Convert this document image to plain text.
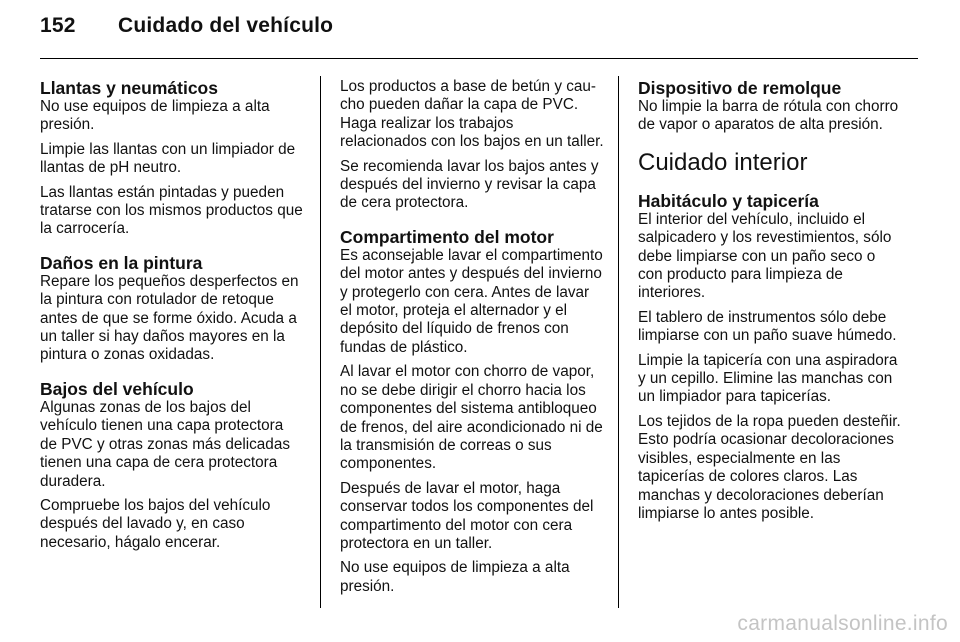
152 Cuidado del vehículo
Llantas y neumáticos

No use equipos de limpieza a alta presión.

Limpie las llantas con un limpiador de llantas de pH neutro.

Las llantas están pintadas y pueden tratarse con los mismos productos que la carrocería.

Daños en la pintura

Repare los pequeños desperfectos en la pintura con rotulador de retoque antes de que se forme óxido. Acuda a un taller si hay daños mayores en la pintura o zonas oxidadas.

Bajos del vehículo

Algunas zonas de los bajos del vehículo tienen una capa protectora de PVC y otras zonas más delicadas tienen una capa de cera protectora duradera.

Compruebe los bajos del vehículo después del lavado y, en caso necesario, hágalo encerar.

Los productos a base de betún y cau- cho pueden dañar la capa de PVC. Haga realizar los trabajos relacionados con los bajos en un taller.

Se recomienda lavar los bajos antes y después del invierno y revisar la capa de cera protectora.

Compartimento del motor

Es aconsejable lavar el compartimento del motor antes y después del invierno y protegerlo con cera. Antes de lavar el motor, proteja el alternador y el depósito del líquido de frenos con fundas de plástico.

Al lavar el motor con chorro de vapor, no se debe dirigir el chorro hacia los componentes del sistema antibloqueo de frenos, del aire acondicionado ni de la transmisión de correas o sus componentes.

Después de lavar el motor, haga conservar todos los componentes del compartimento del motor con cera protectora en un taller.

No use equipos de limpieza a alta presión.

Dispositivo de remolque

No limpie la barra de rótula con chorro de vapor o aparatos de alta presión.

Cuidado interior
Habitáculo y tapicería

El interior del vehículo, incluido el salpicadero y los revestimientos, sólo debe limpiarse con un paño seco o con producto para limpieza de interiores.

El tablero de instrumentos sólo debe limpiarse con un paño suave húmedo.

Limpie la tapicería con una aspiradora y un cepillo. Elimine las manchas con un limpiador para tapicerías.

Los tejidos de la ropa pueden desteñir. Esto podría ocasionar decoloraciones visibles, especialmente en las tapicerías de colores claros. Las manchas y decoloraciones deberían limpiarse lo antes posible.

carmanualsonline.info
